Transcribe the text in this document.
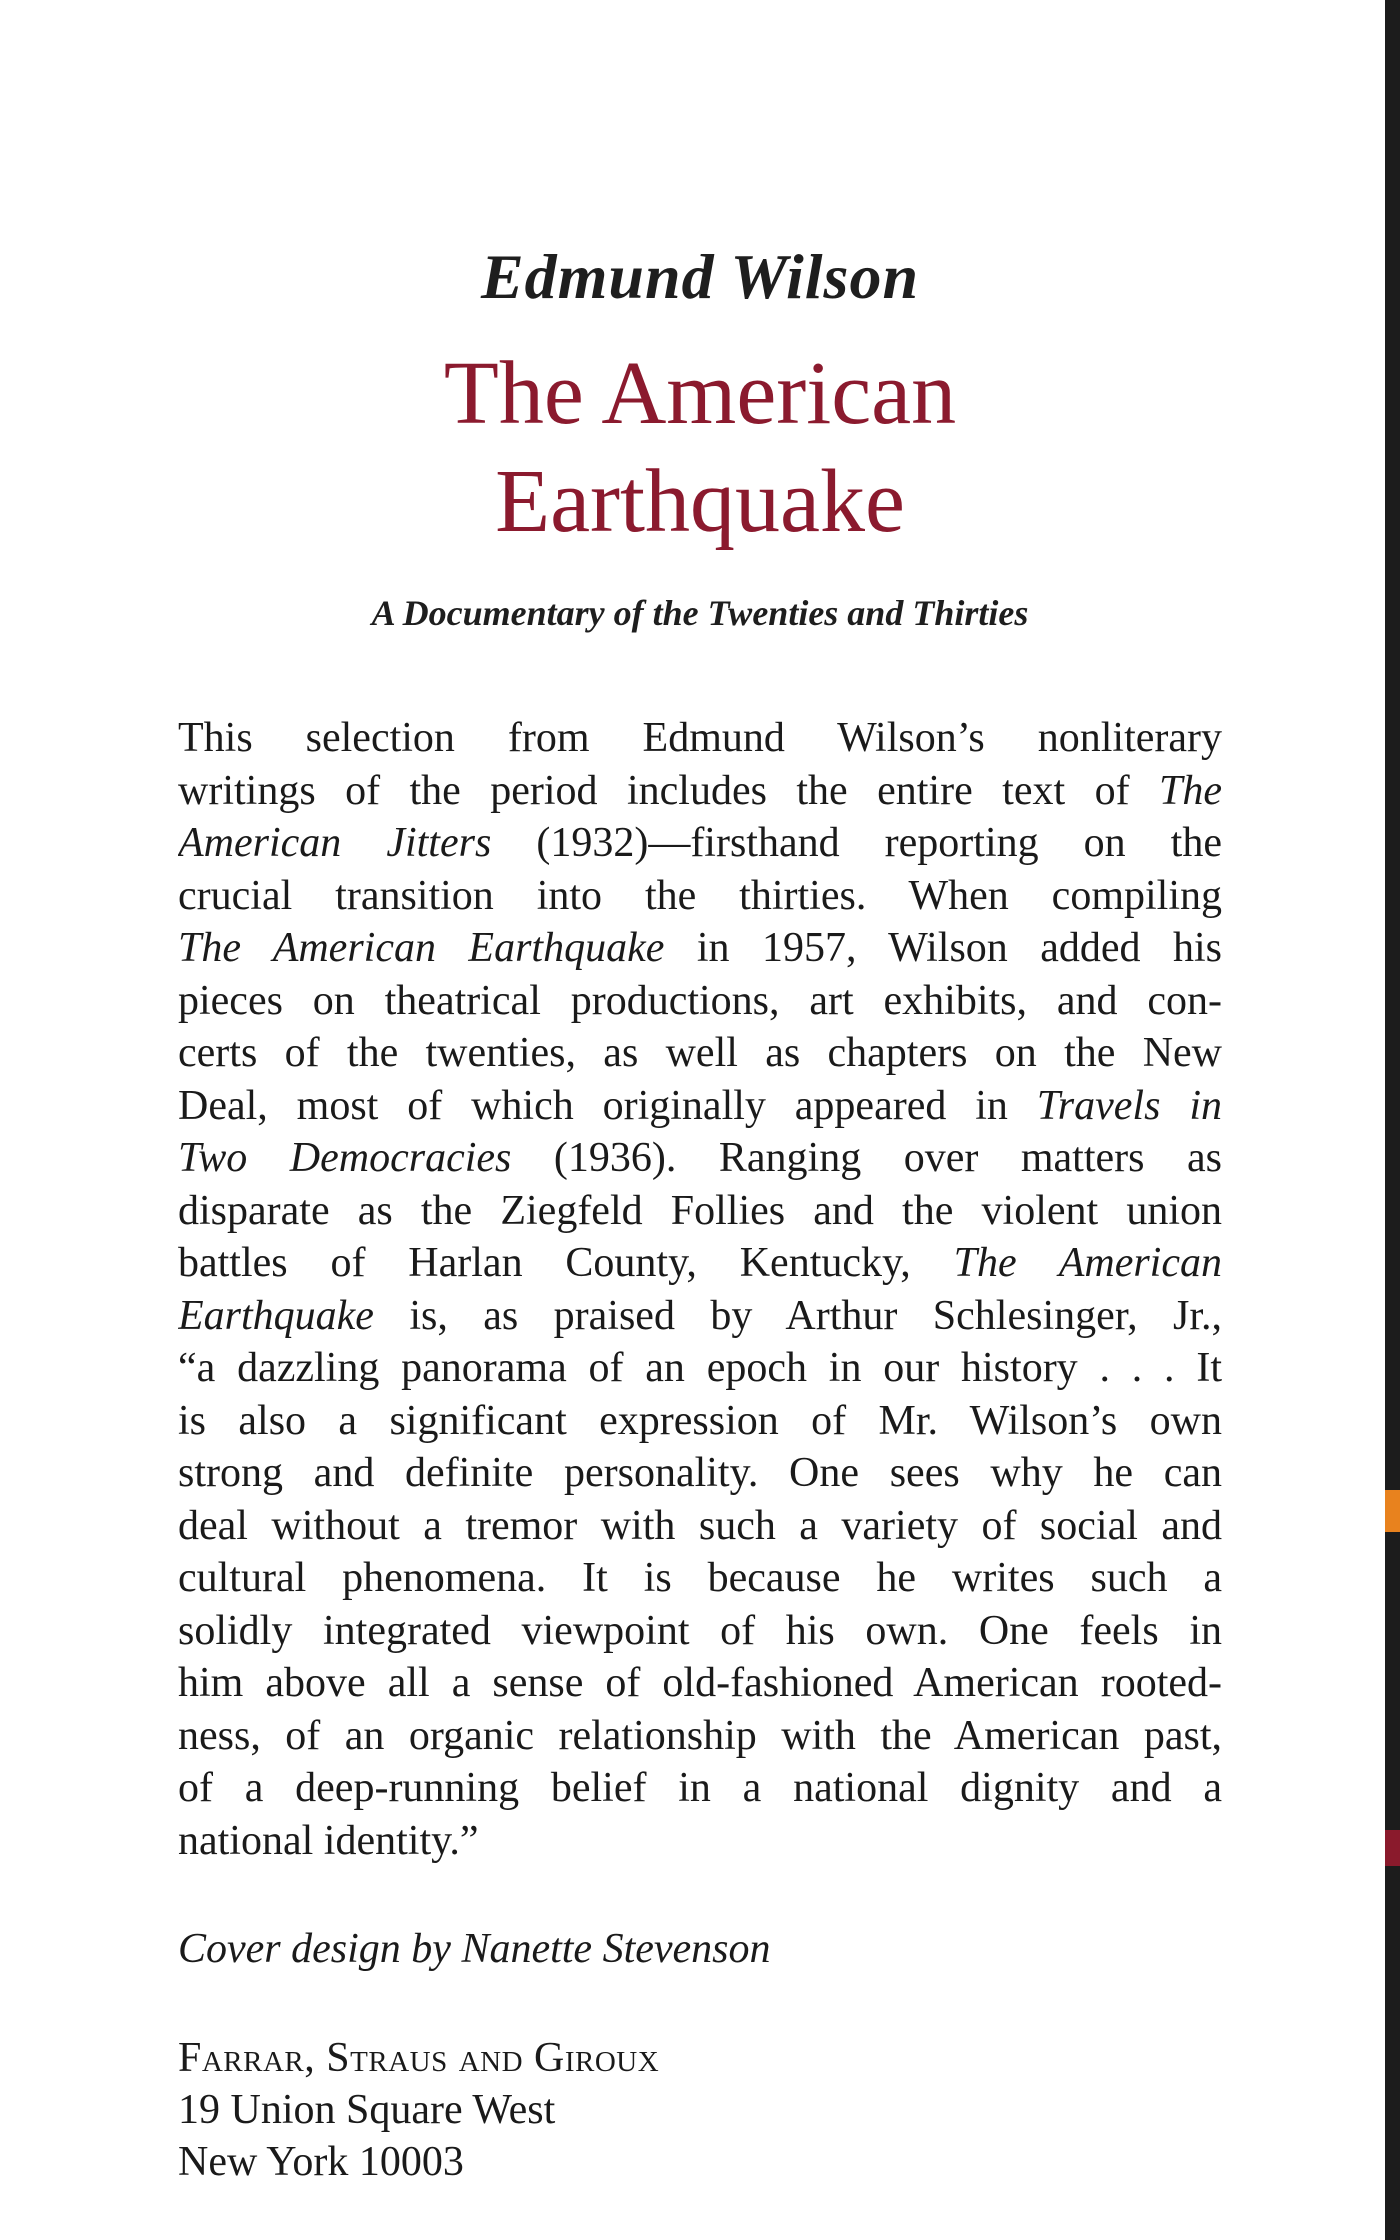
Edmund Wilson
The American
Earthquake
A Documentary of the Twenties and Thirties
This selection from Edmund Wilson’s nonliterary
writings of the period includes the entire text of The
American Jitters (1932)—firsthand reporting on the
crucial transition into the thirties. When compiling
The American Earthquake in 1957, Wilson added his
pieces on theatrical productions, art exhibits, and con-
certs of the twenties, as well as chapters on the New
Deal, most of which originally appeared in Travels in
Two Democracies (1936). Ranging over matters as
disparate as the Ziegfeld Follies and the violent union
battles of Harlan County, Kentucky, The American
Earthquake is, as praised by Arthur Schlesinger, Jr.,
“a dazzling panorama of an epoch in our history . . . It
is also a significant expression of Mr. Wilson’s own
strong and definite personality. One sees why he can
deal without a tremor with such a variety of social and
cultural phenomena. It is because he writes such a
solidly integrated viewpoint of his own. One feels in
him above all a sense of old-fashioned American rooted-
ness, of an organic relationship with the American past,
of a deep-running belief in a national dignity and a
national identity.”
Cover design by Nanette Stevenson
Farrar, Straus and Giroux
19 Union Square West
New York 10003
